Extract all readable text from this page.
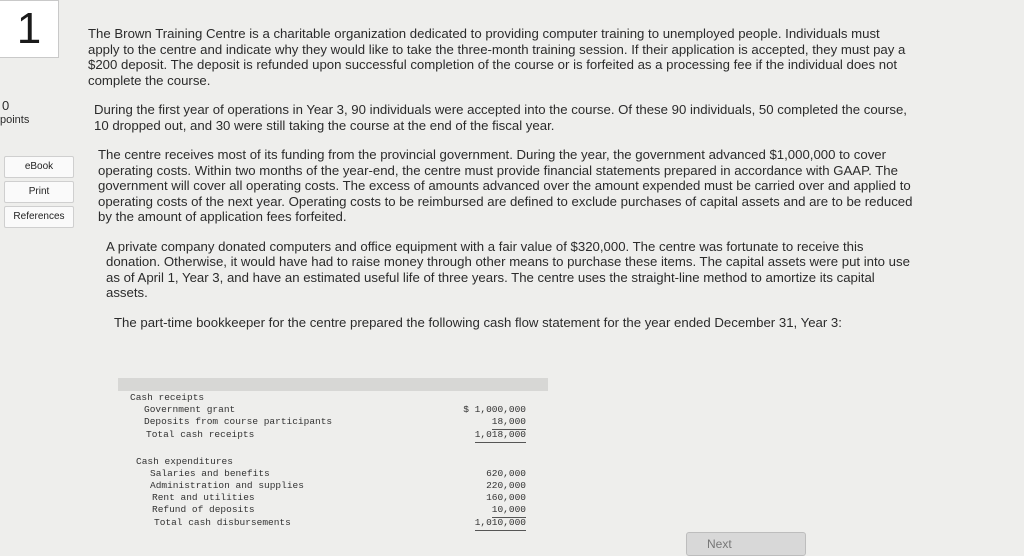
1
0
points
eBook
Print
References

The Brown Training Centre is a charitable organization dedicated to providing computer training to unemployed people. Individuals must apply to the centre and indicate why they would like to take the three-month training session. If their application is accepted, they must pay a $200 deposit. The deposit is refunded upon successful completion of the course or is forfeited as a processing fee if the individual does not complete the course.

During the first year of operations in Year 3, 90 individuals were accepted into the course. Of these 90 individuals, 50 completed the course, 10 dropped out, and 30 were still taking the course at the end of the fiscal year.

The centre receives most of its funding from the provincial government. During the year, the government advanced $1,000,000 to cover operating costs. Within two months of the year-end, the centre must provide financial statements prepared in accordance with GAAP. The government will cover all operating costs. The excess of amounts advanced over the amount expended must be carried over and applied to operating costs of the next year. Operating costs to be reimbursed are defined to exclude purchases of capital assets and are to be reduced by the amount of application fees forfeited.

A private company donated computers and office equipment with a fair value of $320,000. The centre was fortunate to receive this donation. Otherwise, it would have had to raise money through other means to purchase these items. The capital assets were put into use as of April 1, Year 3, and have an estimated useful life of three years. The centre uses the straight-line method to amortize its capital assets.

The part-time bookkeeper for the centre prepared the following cash flow statement for the year ended December 31, Year 3:

Cash receipts
Government grant	$ 1,000,000
Deposits from course participants	18,000
Total cash receipts	1,018,000
Cash expenditures
Salaries and benefits	620,000
Administration and supplies	220,000
Rent and utilities	160,000
Refund of deposits	10,000
Total cash disbursements	1,010,000
Next
